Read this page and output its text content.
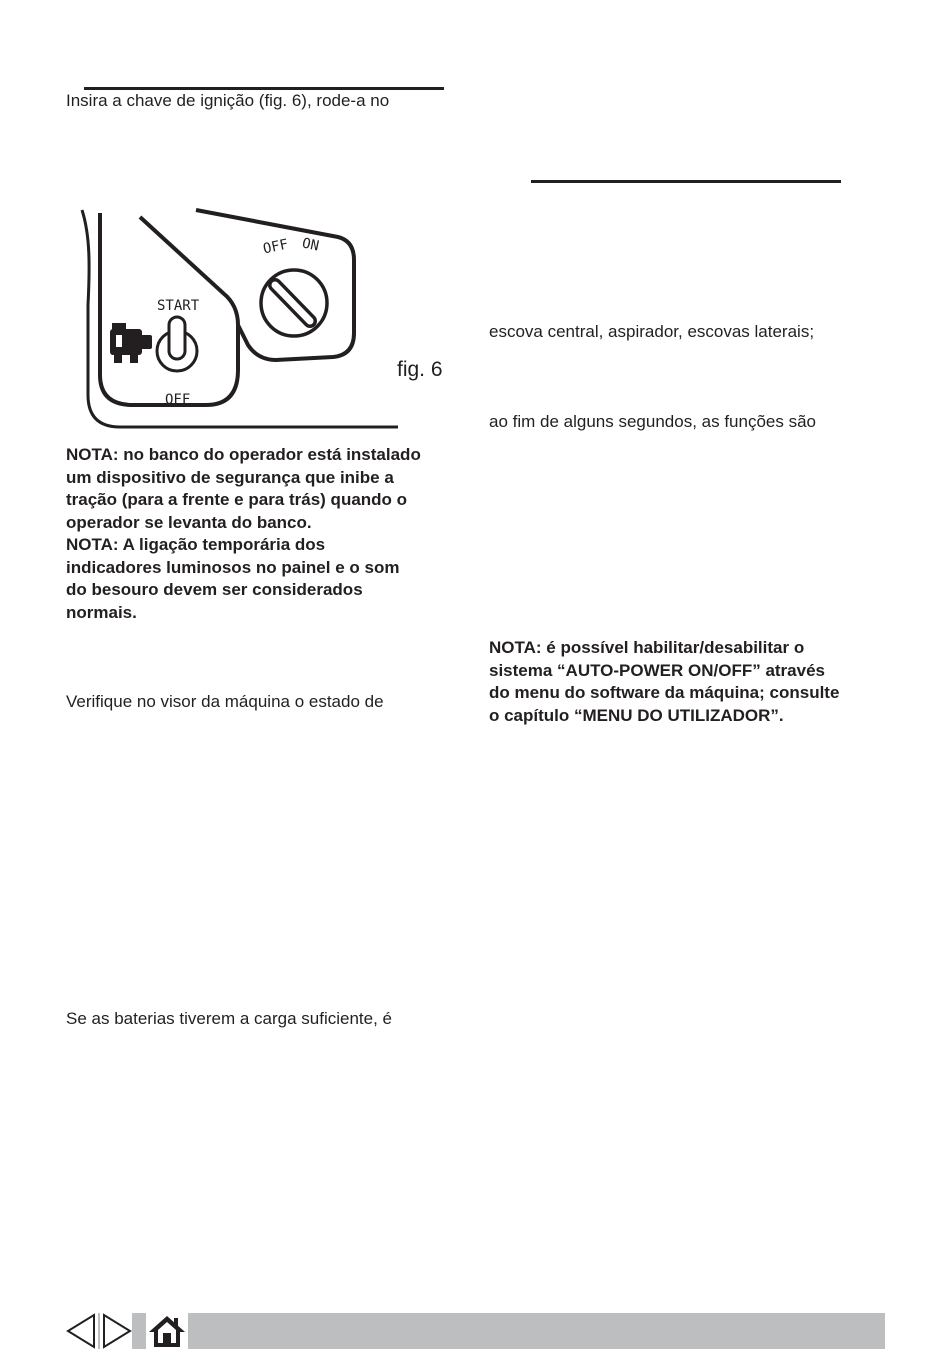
Insira a chave de ignição (fig. 6), rode-a no

OFF ON
START
OFF
fig. 6
NOTA: no banco do operador está instalado
um dispositivo de segurança que inibe a
tração (para a frente e para trás) quando o
operador se levanta do banco.
NOTA: A ligação temporária dos
indicadores luminosos no painel e o som
do besouro devem ser considerados
normais.

Verifique no visor da máquina o estado de

Se as baterias tiverem a carga suficiente, é

escova central, aspirador, escovas laterais;

ao fim de alguns segundos, as funções são

NOTA: é possível habilitar/desabilitar o
sistema “AUTO-POWER ON/OFF” através
do menu do software da máquina; consulte
o capítulo “MENU DO UTILIZADOR”.
